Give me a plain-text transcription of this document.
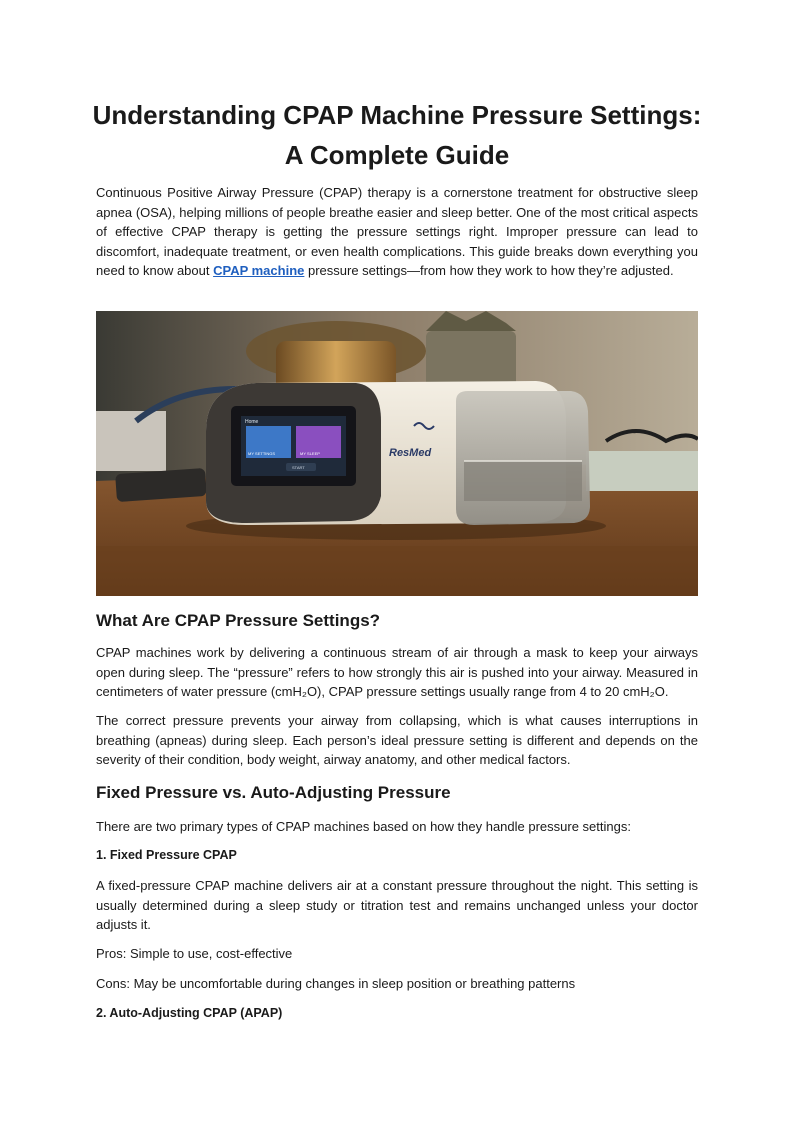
Understanding CPAP Machine Pressure Settings:
A Complete Guide

Continuous Positive Airway Pressure (CPAP) therapy is a cornerstone treatment for obstructive sleep apnea (OSA), helping millions of people breathe easier and sleep better. One of the most critical aspects of effective CPAP therapy is getting the pressure settings right. Improper pressure can lead to discomfort, inadequate treatment, or even health complications. This guide breaks down everything you need to know about CPAP machine pressure settings—from how they work to how they’re adjusted.

Home
MY SETTINGS	MY SLEEP
START
ResMed
What Are CPAP Pressure Settings?

CPAP machines work by delivering a continuous stream of air through a mask to keep your airways open during sleep. The “pressure” refers to how strongly this air is pushed into your airway. Measured in centimeters of water pressure (cmH₂O), CPAP pressure settings usually range from 4 to 20 cmH₂O.

The correct pressure prevents your airway from collapsing, which is what causes interruptions in breathing (apneas) during sleep. Each person’s ideal pressure setting is different and depends on the severity of their condition, body weight, airway anatomy, and other medical factors.

Fixed Pressure vs. Auto-Adjusting Pressure

There are two primary types of CPAP machines based on how they handle pressure settings:

1. Fixed Pressure CPAP

A fixed-pressure CPAP machine delivers air at a constant pressure throughout the night. This setting is usually determined during a sleep study or titration test and remains unchanged unless your doctor adjusts it.

Pros: Simple to use, cost-effective

Cons: May be uncomfortable during changes in sleep position or breathing patterns

2. Auto-Adjusting CPAP (APAP)
